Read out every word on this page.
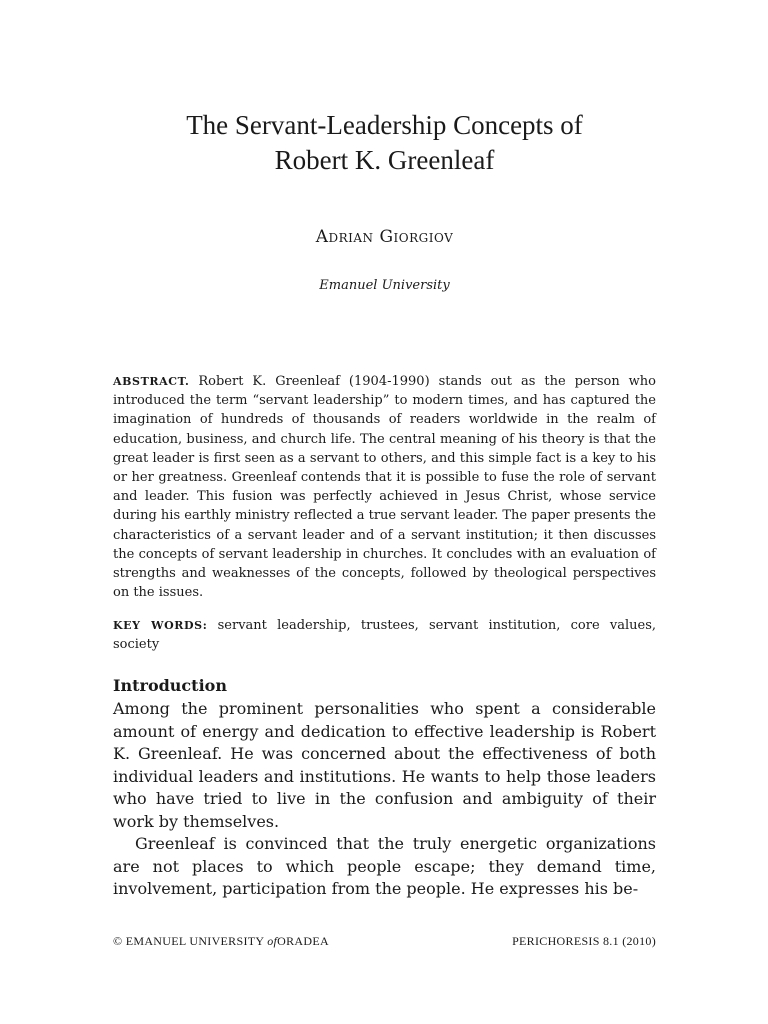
The Servant-Leadership Concepts of
Robert K. Greenleaf
Adrian Giorgiov
Emanuel University

ABSTRACT. Robert K. Greenleaf (1904-1990) stands out as the person who introduced the term “servant leadership” to modern times, and has captured the imagination of hundreds of thousands of readers worldwide in the realm of education, business, and church life. The central meaning of his theory is that the great leader is first seen as a servant to others, and this simple fact is a key to his or her greatness. Greenleaf contends that it is possible to fuse the role of servant and leader. This fusion was perfectly achieved in Jesus Christ, whose service during his earthly ministry reflected a true servant leader. The paper presents the characteristics of a servant leader and of a servant institution; it then discusses the concepts of servant leadership in churches. It concludes with an evaluation of strengths and weaknesses of the concepts, followed by theological perspectives on the issues.

KEY WORDS: servant leadership, trustees, servant institution, core values, society

Introduction

Among the prominent personalities who spent a considerable amount of energy and dedication to effective leadership is Robert K. Greenleaf. He was concerned about the effectiveness of both individual leaders and institutions. He wants to help those leaders who have tried to live in the confusion and ambiguity of their work by themselves.

Greenleaf is convinced that the truly energetic organizations are not places to which people escape; they demand time, involvement, participation from the people. He expresses his be-

© EMANUEL UNIVERSITY ofORADEA	PERICHORESIS 8.1 (2010)
